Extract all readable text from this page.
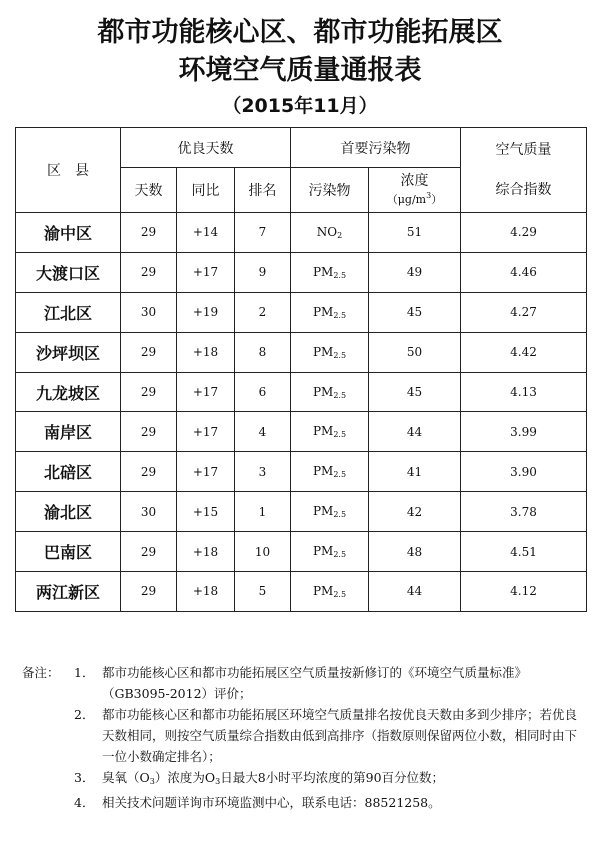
都市功能核心区、都市功能拓展区
环境空气质量通报表
（2015年11月）
区　县	优良天数			首要污染物		空气质量
综合指数

	天数	同比	排名	污染物	浓度
$(\mu g/m^3)$	

渝中区	29	+14	7	$NO_2$	51	4.29
大渡口区	29	+17	9	$PM_{2.5}$	49	4.46
江北区	30	+19	2	$PM_{2.5}$	45	4.27
沙坪坝区	29	+18	8	$PM_{2.5}$	50	4.42
九龙坡区	29	+17	6	$PM_{2.5}$	45	4.13
南岸区	29	+17	4	$PM_{2.5}$	44	3.99
北碚区	29	+17	3	$PM_{2.5}$	41	3.90
渝北区	30	+15	1	$PM_{2.5}$	42	3.78
巴南区	29	+18	10	$PM_{2.5}$	48	4.51
两江新区	29	+18	5	$PM_{2.5}$	44	4.12
备注： 1． 都市功能核心区和都市功能拓展区空气质量按新修订的《环境空气质量标准》（GB3095-2012）评价；
2． 都市功能核心区和都市功能拓展区环境空气质量排名按优良天数由多到少排序；若优良天数相同，则按空气质量综合指数由低到高排序（指数原则保留两位小数，相同时由下一位小数确定排名）；
3． 臭氧$(O_3)$浓度为$O_3$日最大8小时平均浓度的第90百分位数；
4． 相关技术问题详询市环境监测中心，联系电话：88521258。
